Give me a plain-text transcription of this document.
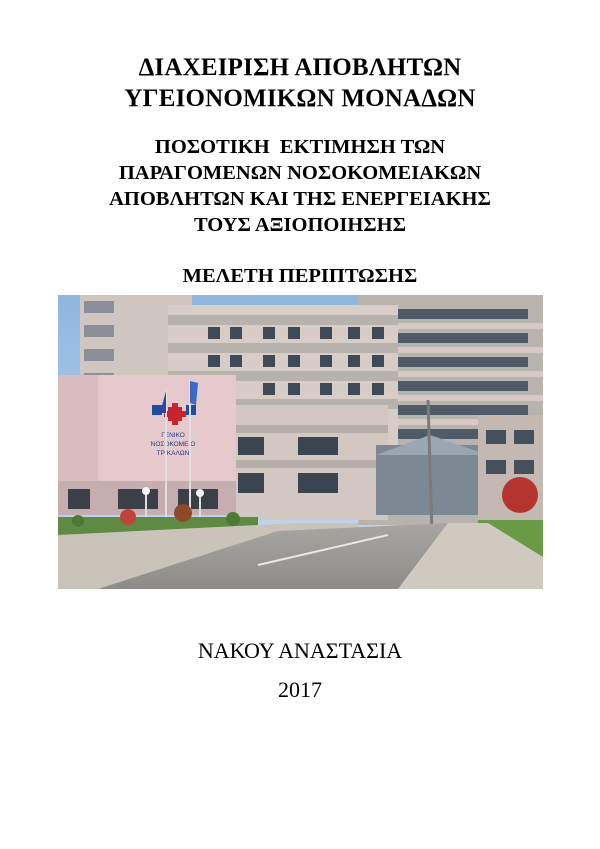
ΔΙΑΧΕΙΡΙΣΗ ΑΠΟΒΛΗΤΩΝ
ΥΓΕΙΟΝΟΜΙΚΩΝ ΜΟΝΑΔΩΝ
ΠΟΣΟΤΙΚΗ  ΕΚΤΙΜΗΣΗ ΤΩΝ
ΠΑΡΑΓΟΜΕΝΩΝ ΝΟΣΟΚΟΜΕΙΑΚΩΝ
ΑΠΟΒΛΗΤΩΝ ΚΑΙ ΤΗΣ ΕΝΕΡΓΕΙΑΚΗΣ
ΤΟΥΣ ΑΞΙΟΠΟΙΗΣΗΣ
ΜΕΛΕΤΗ ΠΕΡΙΠΤΩΣΗΣ
ΓΕΝΙΚΟ
ΝΟΣΟΚΟΜΕΙΟ
ΤΡΙΚΑΛΩΝ
ΝΑΚΟΥ ΑΝΑΣΤΑΣΙΑ
2017
